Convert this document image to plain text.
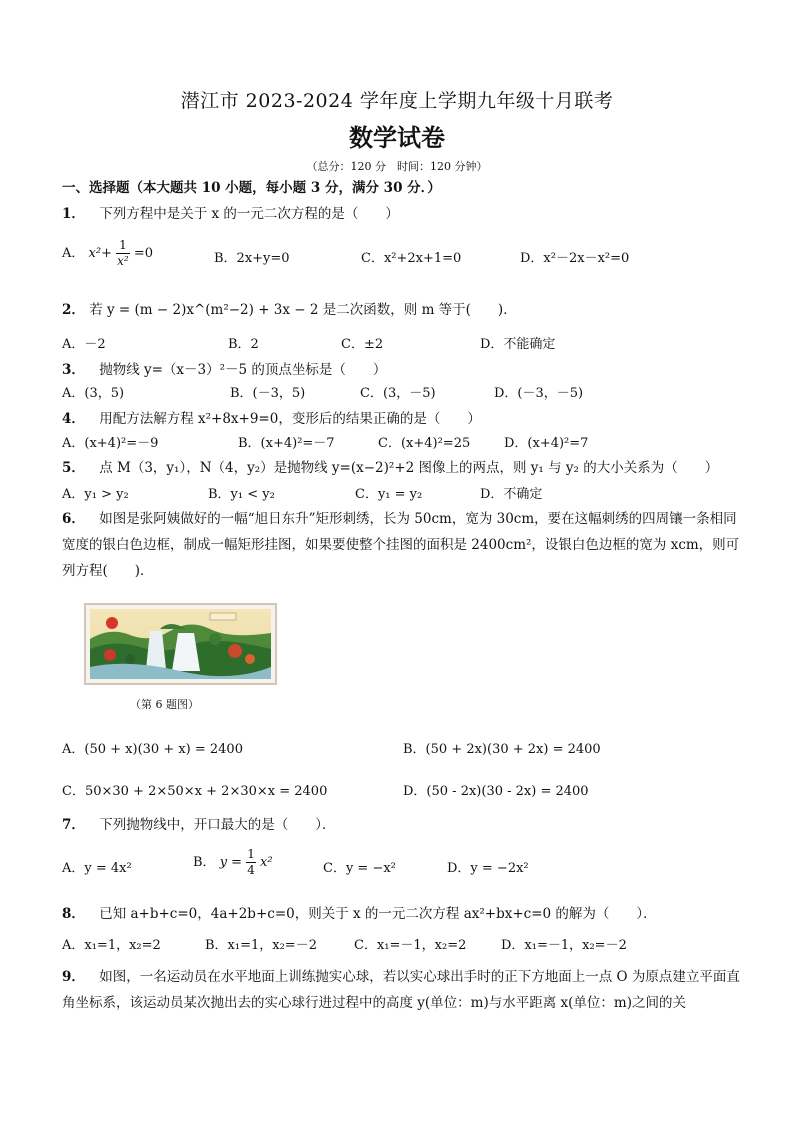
潜江市 2023-2024 学年度上学期九年级十月联考
数学试卷
（总分：120 分　时间：120 分钟）
一、选择题（本大题共 10 小题，每小题 3 分，满分 30 分．）
1． 下列方程中是关于 x 的一元二次方程的是（　　）
A． $x^2+ \frac{1}{\text{x²}} =0$	B．2x+y=0	C．x²+2x+1=0	D．x²－2x－x²=0
2． 若 y = (m − 2)x^(m²−2) + 3x − 2 是二次函数，则 m 等于(　　)．
A．－2	B．2	C．±2	D．不能确定
3． 抛物线 y=（x－3）²－5 的顶点坐标是（　　）
A．(3，5)	B．(－3，5)	C．(3，－5)	D．(－3，－5)
4． 用配方法解方程 x²+8x+9=0，变形后的结果正确的是（　　）
A．(x+4)²=－9	B．(x+4)²=－7	C．(x+4)²=25	D．(x+4)²=7
5． 点 M（3，y₁），N（4，y₂）是抛物线 y=(x−2)²+2 图像上的两点，则 y₁ 与 y₂ 的大小关系为（　　）
A．y₁ > y₂	B．y₁ < y₂	C．y₁ = y₂	D．不确定
6． 如图是张阿姨做好的一幅“旭日东升”矩形刺绣，长为 50cm，宽为 30cm，要在这幅刺绣的四周镶一条相同宽度的银白色边框，制成一幅矩形挂图，如果要使整个挂图的面积是 2400cm²，设银白色边框的宽为 xcm，则可列方程(　　)．
（第 6 题图）
A．(50 + x)(30 + x) = 2400	B．(50 + 2x)(30 + 2x) = 2400
C．50×30 + 2×50×x + 2×30×x = 2400	D．(50 - 2x)(30 - 2x) = 2400
7． 下列抛物线中，开口最大的是（　　）．
A．y = 4x²	B． $y = \frac{1}{4} x^2$	C．y = −x²	D．y = −2x²
8． 已知 a+b+c=0，4a+2b+c=0，则关于 x 的一元二次方程 ax²+bx+c=0 的解为（　　）．
A．x₁=1，x₂=2	B．x₁=1，x₂=－2	C．x₁=－1，x₂=2	D．x₁=－1，x₂=－2
9． 如图，一名运动员在水平地面上训练抛实心球，若以实心球出手时的正下方地面上一点 O 为原点建立平面直角坐标系，该运动员某次抛出去的实心球行进过程中的高度 y(单位：m)与水平距离 x(单位：m)之间的关
